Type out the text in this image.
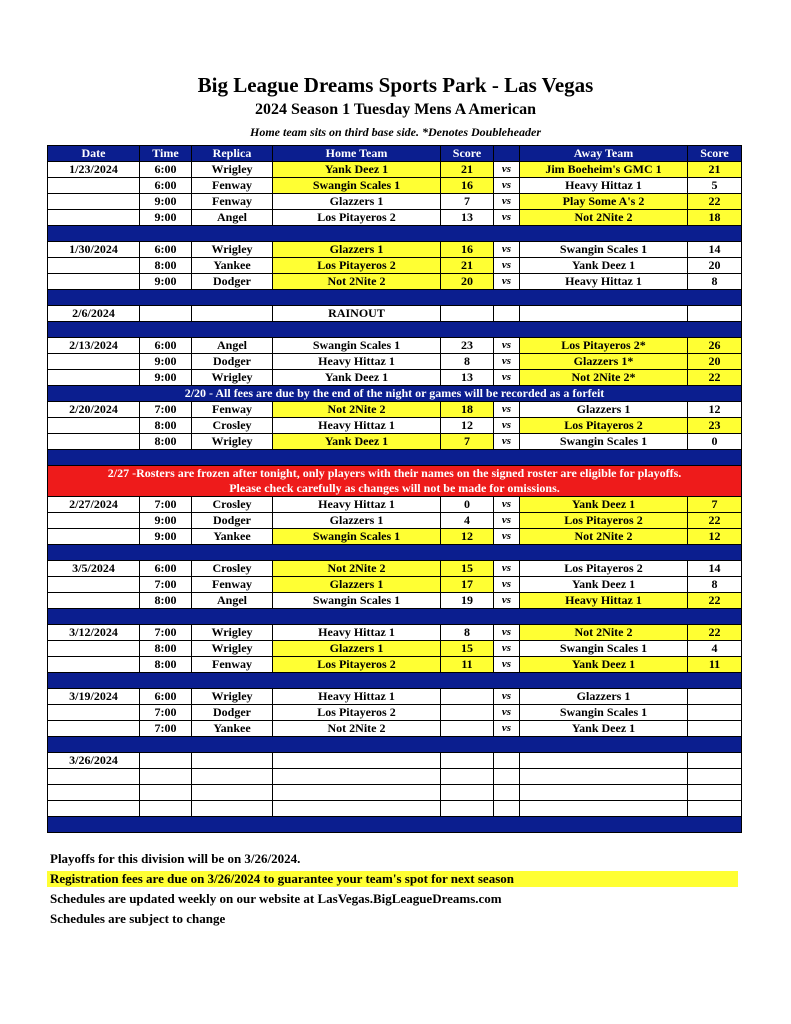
Big League Dreams Sports Park - Las Vegas
2024 Season 1 Tuesday Mens A American
Home team sits on third base side. *Denotes Doubleheader
Date	Time	Replica	Home Team	Score		Away Team	Score
1/23/2024	6:00	Wrigley	Yank Deez 1	21	vs	Jim Boeheim's GMC 1	21
	6:00	Fenway	Swangin Scales 1	16	vs	Heavy Hittaz 1	5
	9:00	Fenway	Glazzers 1	7	vs	Play Some A's 2	22
	9:00	Angel	Los Pitayeros 2	13	vs	Not 2Nite 2	18

1/30/2024	6:00	Wrigley	Glazzers 1	16	vs	Swangin Scales 1	14
	8:00	Yankee	Los Pitayeros 2	21	vs	Yank Deez 1	20
	9:00	Dodger	Not 2Nite 2	20	vs	Heavy Hittaz 1	8

2/6/2024			RAINOUT				

2/13/2024	6:00	Angel	Swangin Scales 1	23	vs	Los Pitayeros 2*	26
	9:00	Dodger	Heavy Hittaz 1	8	vs	Glazzers 1*	20
	9:00	Wrigley	Yank Deez 1	13	vs	Not 2Nite 2*	22
2/20 - All fees are due by the end of the night or games will be recorded as a forfeit							
2/20/2024	7:00	Fenway	Not 2Nite 2	18	vs	Glazzers 1	12
	8:00	Crosley	Heavy Hittaz 1	12	vs	Los Pitayeros 2	23
	8:00	Wrigley	Yank Deez 1	7	vs	Swangin Scales 1	0

2/27 -Rosters are frozen after tonight, only players with their names on the signed roster are eligible for playoffs.
Please check carefully as changes will not be made for omissions.							

2/27/2024	7:00	Crosley	Heavy Hittaz 1	0	vs	Yank Deez 1	7
	9:00	Dodger	Glazzers 1	4	vs	Los Pitayeros 2	22
	9:00	Yankee	Swangin Scales 1	12	vs	Not 2Nite 2	12

3/5/2024	6:00	Crosley	Not 2Nite 2	15	vs	Los Pitayeros 2	14
	7:00	Fenway	Glazzers 1	17	vs	Yank Deez 1	8
	8:00	Angel	Swangin Scales 1	19	vs	Heavy Hittaz 1	22

3/12/2024	7:00	Wrigley	Heavy Hittaz 1	8	vs	Not 2Nite 2	22
	8:00	Wrigley	Glazzers 1	15	vs	Swangin Scales 1	4
	8:00	Fenway	Los Pitayeros 2	11	vs	Yank Deez 1	11

3/19/2024	6:00	Wrigley	Heavy Hittaz 1		vs	Glazzers 1	
	7:00	Dodger	Los Pitayeros 2		vs	Swangin Scales 1	
	7:00	Yankee	Not 2Nite 2		vs	Yank Deez 1	

3/26/2024							

Playoffs for this division will be on 3/26/2024.
Registration fees are due on 3/26/2024 to guarantee your team's spot for next season
Schedules are updated weekly on our website at LasVegas.BigLeagueDreams.com
Schedules are subject to change
